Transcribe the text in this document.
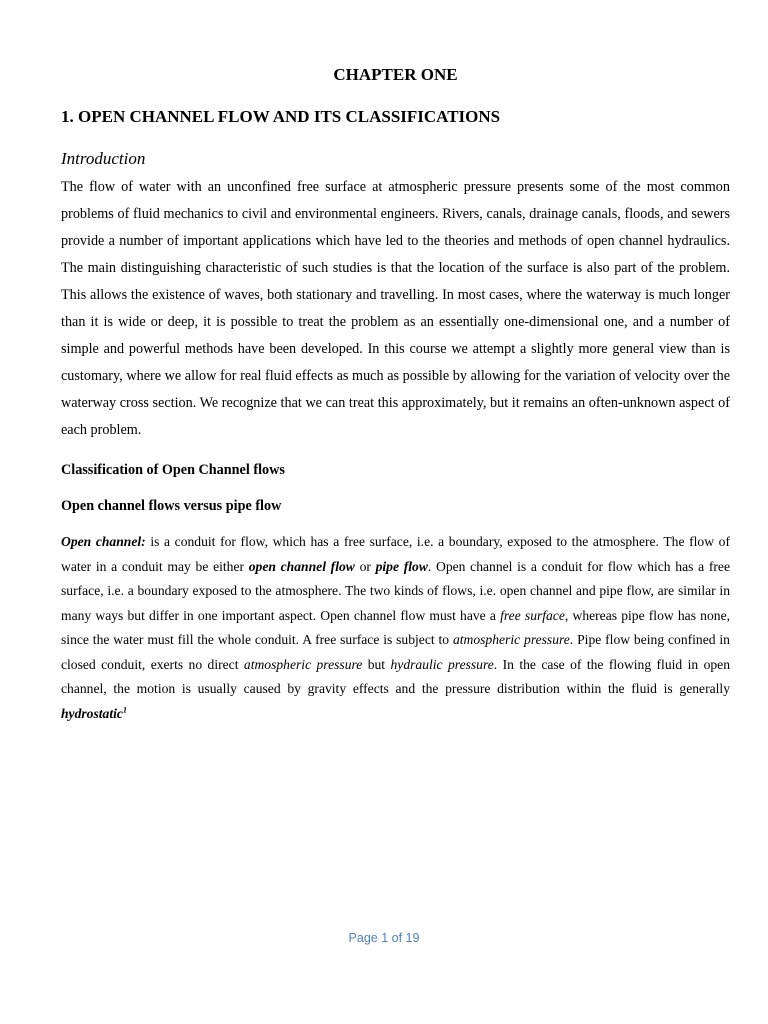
CHAPTER ONE

1. OPEN CHANNEL FLOW AND ITS CLASSIFICATIONS

Introduction

The flow of water with an unconfined free surface at atmospheric pressure presents some of the most common problems of fluid mechanics to civil and environmental engineers. Rivers, canals, drainage canals, floods, and sewers provide a number of important applications which have led to the theories and methods of open channel hydraulics. The main distinguishing characteristic of such studies is that the location of the surface is also part of the problem. This allows the existence of waves, both stationary and travelling. In most cases, where the waterway is much longer than it is wide or deep, it is possible to treat the problem as an essentially one-dimensional one, and a number of simple and powerful methods have been developed. In this course we attempt a slightly more general view than is customary, where we allow for real fluid effects as much as possible by allowing for the variation of velocity over the waterway cross section. We recognize that we can treat this approximately, but it remains an often-unknown aspect of each problem.

Classification of Open Channel flows

Open channel flows versus pipe flow

Open channel: is a conduit for flow, which has a free surface, i.e. a boundary, exposed to the atmosphere. The flow of water in a conduit may be either open channel flow or pipe flow. Open channel is a conduit for flow which has a free surface, i.e. a boundary exposed to the atmosphere. The two kinds of flows, i.e. open channel and pipe flow, are similar in many ways but differ in one important aspect. Open channel flow must have a free surface, whereas pipe flow has none, since the water must fill the whole conduit. A free surface is subject to atmospheric pressure. Pipe flow being confined in closed conduit, exerts no direct atmospheric pressure but hydraulic pressure. In the case of the flowing fluid in open channel, the motion is usually caused by gravity effects and the pressure distribution within the fluid is generally hydrostatic$^1$

Page 1 of 19
